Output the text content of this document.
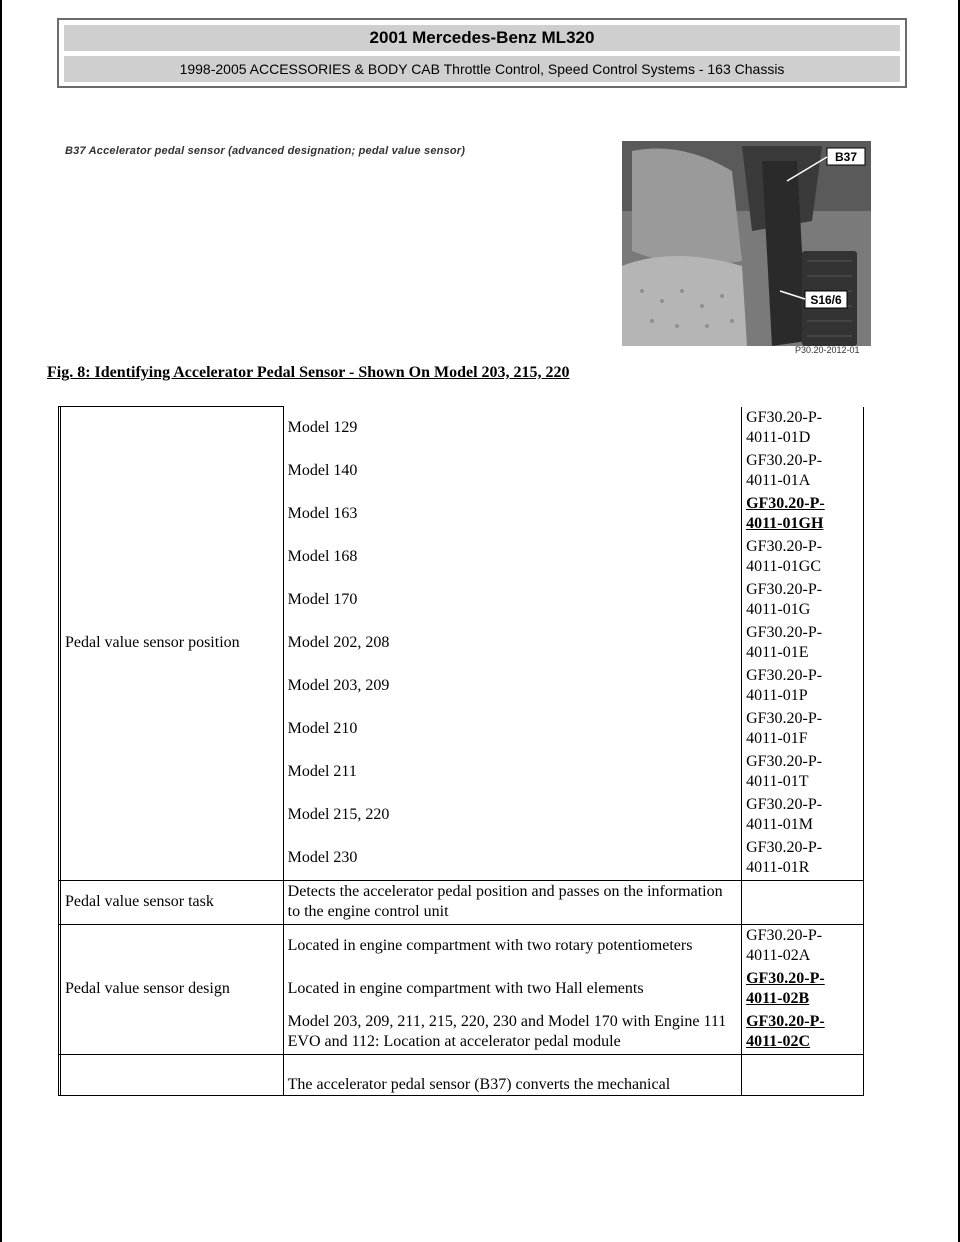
2001 Mercedes-Benz ML320
1998-2005 ACCESSORIES & BODY CAB Throttle Control, Speed Control Systems - 163 Chassis
B37 Accelerator pedal sensor (advanced designation; pedal value sensor)	B37
S16/6
P30.20-2012-01
Fig. 8: Identifying Accelerator Pedal Sensor - Shown On Model 203, 215, 220
	Pedal value sensor position	Model 129	GF30.20-P-
4011-01D

		Model 140	GF30.20-P-
4011-01A

		Model 163	GF30.20-P-
4011-01GH

		Model 168	GF30.20-P-
4011-01GC

		Model 170	GF30.20-P-
4011-01G

		Model 202, 208	GF30.20-P-
4011-01E

		Model 203, 209	GF30.20-P-
4011-01P

		Model 210	GF30.20-P-
4011-01F

		Model 211	GF30.20-P-
4011-01T

		Model 215, 220	GF30.20-P-
4011-01M

		Model 230	GF30.20-P-
4011-01R

	Pedal value sensor task	Detects the accelerator pedal position and passes on the information to the engine control unit	
	Pedal value sensor design	Located in engine compartment with two rotary potentiometers	GF30.20-P-
4011-02A

		Located in engine compartment with two Hall elements	GF30.20-P-
4011-02B

		Model 203, 209, 211, 215, 220, 230 and Model 170 with Engine 111 EVO and 112: Location at accelerator pedal module	GF30.20-P-
4011-02C

		The accelerator pedal sensor (B37) converts the mechanical	
